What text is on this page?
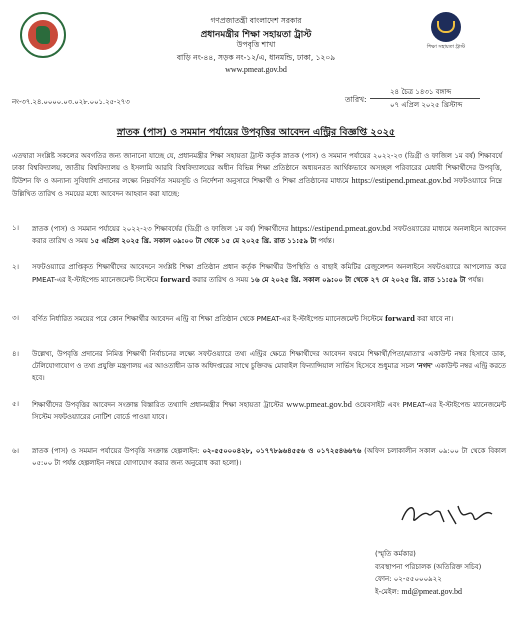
গণপ্রজাতন্ত্রী বাংলাদেশ সরকার
প্রধানমন্ত্রীর শিক্ষা সহায়তা ট্রাস্ট
উপবৃত্তি শাখা
বাড়ি নং-৪৪, সড়ক নং-১২/এ, ধানমন্ডি, ঢাকা, ১২০৯
www.pmeat.gov.bd
শিক্ষা সহায়তা ট্রাস্ট
নং-৩৭.২৪.০০০০.০৩.০২৮.০০১.২৫-২৭৩	তারিখ:
২৪ চৈত্র ১৪৩১ বঙ্গাব্দ
০৭ এপ্রিল ২০২৫ খ্রিস্টাব্দ
স্নাতক (পাস) ও সমমান পর্যায়ের উপবৃত্তির আবেদন এন্ট্রির বিজ্ঞপ্তি ২০২৫
এতদ্বারা সংশ্লিষ্ট সকলের অবগতির জন্য জানানো যাচ্ছে যে, প্রধানমন্ত্রীর শিক্ষা সহায়তা ট্রাস্ট কর্তৃক স্নাতক (পাস) ও সমমান পর্যায়ের ২০২২-২৩ (ডিগ্রী ও ফাজিল ১ম বর্ষ) শিক্ষাবর্ষে ঢাকা বিশ্ববিদ্যালয়, জাতীয় বিশ্ববিদ্যালয় ও ইসলামি আরবি বিশ্ববিদ্যালয়ের অধীন বিভিন্ন শিক্ষা প্রতিষ্ঠানে অধ্যয়নরত আর্থিকভাবে অসচ্ছল পরিবারের মেধাবী শিক্ষার্থীদের উপবৃত্তি, টিউশন ফি ও অন্যান্য সুবিধাদি প্রদানের লক্ষ্যে নিম্নবর্ণিত সময়সূচি ও নির্দেশনা অনুসারে শিক্ষার্থী ও শিক্ষা প্রতিষ্ঠানের মাধ্যমে https://estipend.pmeat.gov.bd সফটওয়্যারে নিম্নে উল্লিখিত তারিখ ও সময়ের মধ্যে আবেদন আহবান করা যাচ্ছে:
১।	স্নাতক (পাস) ও সমমান পর্যায়ের ২০২২-২৩ শিক্ষাবর্ষের (ডিগ্রী ও ফাজিল ১ম বর্ষ) শিক্ষার্থীদের https://estipend.pmeat.gov.bd সফটওয়্যারের মাধ্যমে অনলাইনে আবেদন করার তারিখ ও সময় ১৫ এপ্রিল ২০২৫ খ্রি. সকাল ০৯:০০ টা থেকে ১৫ মে ২০২৫ খ্রি. রাত ১১:৫৯ টা পর্যন্ত।
২।	সফটওয়্যারে প্রাপ্তিকৃত শিক্ষার্থীদের আবেদনে সংশ্লিষ্ট শিক্ষা প্রতিষ্ঠান প্রধান কর্তৃক শিক্ষার্থীর উপস্থিতি ও বাছাই কমিটির রেজুলেশন অনলাইনে সফটওয়্যারে আপলোড করে PMEAT-এর ই-স্টাইপেন্ড ম্যানেজমেন্ট সিস্টেমে forward করার তারিখ ও সময় ১৬ মে ২০২৫ খ্রি. সকাল ০৯:০০ টা থেকে ২৭ মে ২০২৫ খ্রি. রাত ১১:৫৯ টা পর্যন্ত।
৩।	বর্ণিত নির্ধারিত সময়ের পরে কোন শিক্ষার্থীর আবেদন এন্ট্রি বা শিক্ষা প্রতিষ্ঠান থেকে PMEAT-এর ই-স্টাইপেন্ড ম্যানেজমেন্ট সিস্টেমে forward করা যাবে না।
৪।	উল্লেখ্য, উপবৃত্তি প্রদানের নিমিত্ত শিক্ষার্থী নির্বাচনের লক্ষ্যে সফটওয়্যারে তথ্য এন্ট্রির ক্ষেত্রে শিক্ষার্থীদের আবেদন ফরমে শিক্ষার্থী/পিতা/মাতা'র একাউন্ট নম্বর হিসাবে ডাক, টেলিযোগাযোগ ও তথ্য প্রযুক্তি মন্ত্রণালয় এর আওতাধীন ডাক অধিদপ্তরের সাথে চুক্তিবদ্ধ মোবাইল ফিন্যান্সিয়াল সার্ভিস হিসেবে শুধুমাত্র সচল 'নগদ' একাউন্ট নম্বর এন্ট্রি করতে হবে।
৫।	শিক্ষার্থীদের উপবৃত্তির আবেদন সংক্রান্ত বিস্তারিত তথ্যাদি প্রধানমন্ত্রীর শিক্ষা সহায়তা ট্রাস্টের www.pmeat.gov.bd ওয়েবসাইট এবং PMEAT-এর ই-স্টাইপেন্ড ম্যানেজমেন্ট সিস্টেম সফটওয়্যারের নোটিশ বোর্ডে পাওয়া যাবে।
৬।	স্নাতক (পাস) ও সমমান পর্যায়ের উপবৃত্তি সংক্রান্ত হেল্পলাইন: ০২-৫৫০০০৪২৮, ০১৭৭৮৯৬৪৫৫৬ ও ০১৭২৫৪৬৬৭৬ (অফিস চলাকালীন সকাল ০৯:০০ টা থেকে বিকাল ০৫:০০ টা পর্যন্ত হেল্পলাইন নম্বরে যোগাযোগ করার জন্য অনুরোধ করা হলো)।
(স্মৃতি কর্মকার)
ব্যবস্থাপনা পরিচালক (অতিরিক্ত সচিব)
ফোন: ০২-৫৫০০০৯২২
ই-মেইল: md@pmeat.gov.bd
